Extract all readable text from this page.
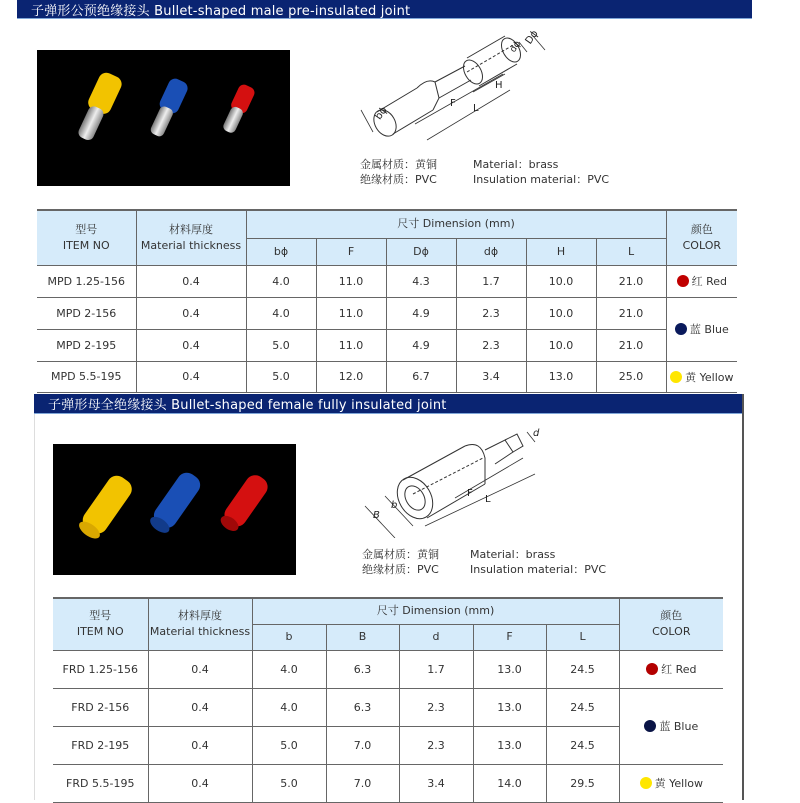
子弹形公预绝缘接头 Bullet-shaped male pre-insulated joint
bϕ
F L
H
Dϕ
dϕ
金属材质：黄铜	Material：brass
绝缘材质：PVC	Insulation material：PVC
型号
ITEM NO

材料厚度
Material thickness
	尺寸 Dimension (mm)	颜色
COLOR

		bϕ	F	Dϕ	dϕ	H	L	
MPD 1.25-156	0.4	4.0	11.0	4.3	1.7	10.0	21.0	红 Red
MPD 2-156	0.4	4.0	11.0	4.9	2.3	10.0	21.0	蓝 Blue
MPD 2-195	0.4	5.0	11.0	4.9	2.3	10.0	21.0	
MPD 5.5-195	0.4	5.0	12.0	6.7	3.4	13.0	25.0	黄 Yellow
子弹形母全绝缘接头 Bullet-shaped female fully insulated joint
B
b
F
L
d
金属材质：黄铜	Material：brass
绝缘材质：PVC	Insulation material：PVC
型号
ITEM NO

材料厚度
Material thickness
	尺寸 Dimension (mm)	颜色
COLOR

		b	B	d	F	L	
FRD 1.25-156	0.4	4.0	6.3	1.7	13.0	24.5	红 Red
FRD 2-156	0.4	4.0	6.3	2.3	13.0	24.5	蓝 Blue
FRD 2-195	0.4	5.0	7.0	2.3	13.0	24.5	
FRD 5.5-195	0.4	5.0	7.0	3.4	14.0	29.5	黄 Yellow
